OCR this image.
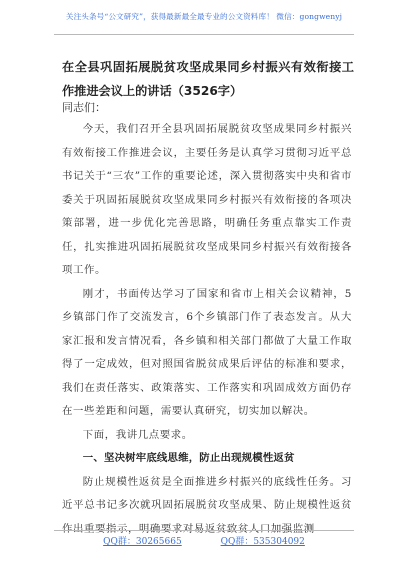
关注头条号“公文研究”，获得最新最全最专业的公文资料库！ 微信：gongwenyj
在全县巩固拓展脱贫攻坚成果同乡村振兴有效衔接工作推进会议上的讲话（3526字）
同志们：

今天，我们召开全县巩固拓展脱贫攻坚成果同乡村振兴有效衔接工作推进会议，主要任务是认真学习贯彻习近平总书记关于“三农”工作的重要论述，深入贯彻落实中央和省市委关于巩固拓展脱贫攻坚成果同乡村振兴有效衔接的各项决策部署，进一步优化完善思路，明确任务重点靠实工作责任，扎实推进巩固拓展脱贫攻坚成果同乡村振兴有效衔接各项工作。

刚才，书面传达学习了国家和省市上相关会议精神，5乡镇部门作了交流发言，6个乡镇部门作了表态发言。从大家汇报和发言情况看，各乡镇和相关部门都做了大量工作取得了一定成效，但对照国省脱贫成果后评估的标准和要求，我们在责任落实、政策落实、工作落实和巩固成效方面仍存在一些差距和问题，需要认真研究，切实加以解决。

下面，我讲几点要求。

一、坚决树牢底线思维，防止出现规模性返贫

防止规模性返贫是全面推进乡村振兴的底线性任务。习近平总书记多次就巩固拓展脱贫攻坚成果、防止规模性返贫作出重要指示，明确要求对易返贫致贫人口加强监测

QQ群：30265665	QQ群：535304092
